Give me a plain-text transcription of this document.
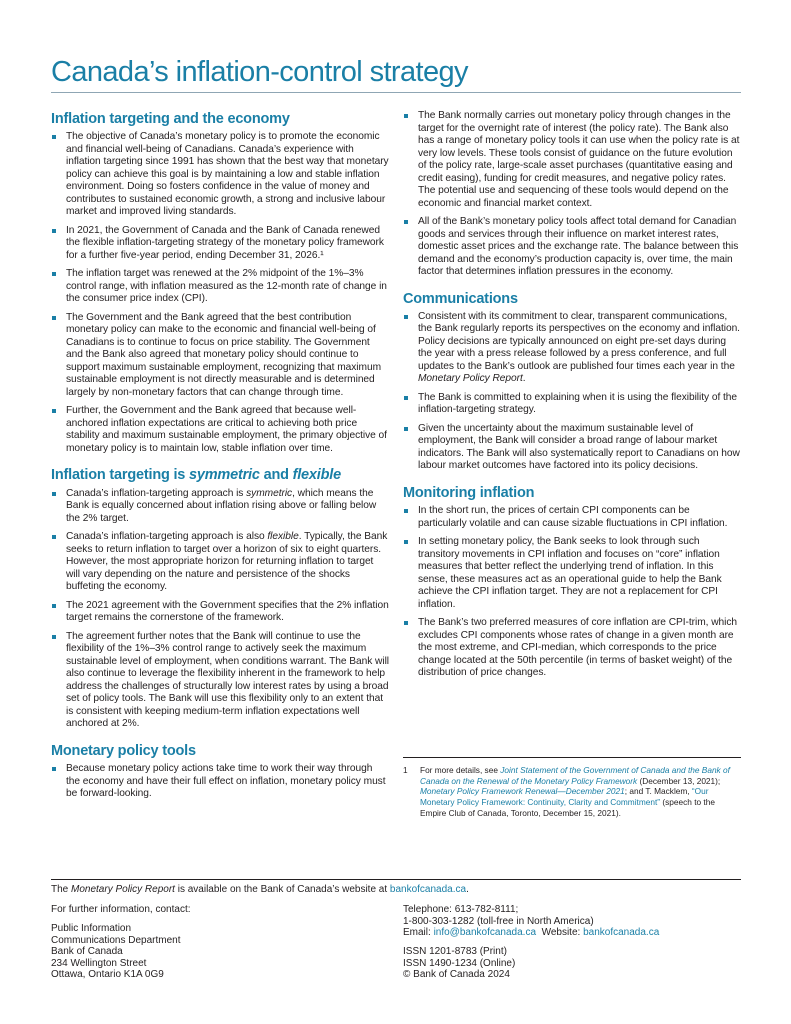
Canada’s inflation-control strategy
Inflation targeting and the economy
The objective of Canada’s monetary policy is to promote the economic and financial well-being of Canadians. Canada’s experience with inflation targeting since 1991 has shown that the best way that monetary policy can achieve this goal is by maintaining a low and stable inflation environment. Doing so fosters confidence in the value of money and contributes to sustained economic growth, a strong and inclusive labour market and improved living standards.
In 2021, the Government of Canada and the Bank of Canada renewed the flexible inflation-targeting strategy of the monetary policy framework for a further five-year period, ending December 31, 2026.¹
The inflation target was renewed at the 2% midpoint of the 1%–3% control range, with inflation measured as the 12-month rate of change in the consumer price index (CPI).
The Government and the Bank agreed that the best contribution monetary policy can make to the economic and financial well-being of Canadians is to continue to focus on price stability. The Government and the Bank also agreed that monetary policy should continue to support maximum sustainable employment, recognizing that maximum sustainable employment is not directly measurable and is determined largely by non-monetary factors that can change through time.
Further, the Government and the Bank agreed that because well-anchored inflation expectations are critical to achieving both price stability and maximum sustainable employment, the primary objective of monetary policy is to maintain low, stable inflation over time.
Inflation targeting is symmetric and flexible
Canada’s inflation-targeting approach is symmetric, which means the Bank is equally concerned about inflation rising above or falling below the 2% target.
Canada’s inflation-targeting approach is also flexible. Typically, the Bank seeks to return inflation to target over a horizon of six to eight quarters. However, the most appropriate horizon for returning inflation to target will vary depending on the nature and persistence of the shocks buffeting the economy.
The 2021 agreement with the Government specifies that the 2% inflation target remains the cornerstone of the framework.
The agreement further notes that the Bank will continue to use the flexibility of the 1%–3% control range to actively seek the maximum sustainable level of employment, when conditions warrant. The Bank will also continue to leverage the flexibility inherent in the framework to help address the challenges of structurally low interest rates by using a broad set of policy tools. The Bank will use this flexibility only to an extent that is consistent with keeping medium-term inflation expectations well anchored at 2%.
Monetary policy tools
Because monetary policy actions take time to work their way through the economy and have their full effect on inflation, monetary policy must be forward-looking.
The Bank normally carries out monetary policy through changes in the target for the overnight rate of interest (the policy rate). The Bank also has a range of monetary policy tools it can use when the policy rate is at very low levels. These tools consist of guidance on the future evolution of the policy rate, large-scale asset purchases (quantitative easing and credit easing), funding for credit measures, and negative policy rates. The potential use and sequencing of these tools would depend on the economic and financial market context.
All of the Bank’s monetary policy tools affect total demand for Canadian goods and services through their influence on market interest rates, domestic asset prices and the exchange rate. The balance between this demand and the economy’s production capacity is, over time, the main factor that determines inflation pressures in the economy.
Communications
Consistent with its commitment to clear, transparent communications, the Bank regularly reports its perspectives on the economy and inflation. Policy decisions are typically announced on eight pre-set days during the year with a press release followed by a press conference, and full updates to the Bank’s outlook are published four times each year in the Monetary Policy Report.
The Bank is committed to explaining when it is using the flexibility of the inflation-targeting strategy.
Given the uncertainty about the maximum sustainable level of employment, the Bank will consider a broad range of labour market indicators. The Bank will also systematically report to Canadians on how labour market outcomes have factored into its policy decisions.
Monitoring inflation
In the short run, the prices of certain CPI components can be particularly volatile and can cause sizable fluctuations in CPI inflation.
In setting monetary policy, the Bank seeks to look through such transitory movements in CPI inflation and focuses on “core” inflation measures that better reflect the underlying trend of inflation. In this sense, these measures act as an operational guide to help the Bank achieve the CPI inflation target. They are not a replacement for CPI inflation.
The Bank’s two preferred measures of core inflation are CPI-trim, which excludes CPI components whose rates of change in a given month are the most extreme, and CPI-median, which corresponds to the price change located at the 50th percentile (in terms of basket weight) of the distribution of price changes.
1 For more details, see Joint Statement of the Government of Canada and the Bank of Canada on the Renewal of the Monetary Policy Framework (December 13, 2021); Monetary Policy Framework Renewal—December 2021; and T. Macklem, “Our Monetary Policy Framework: Continuity, Clarity and Commitment” (speech to the Empire Club of Canada, Toronto, December 15, 2021).
The Monetary Policy Report is available on the Bank of Canada’s website at bankofcanada.ca.
For further information, contact:
Public Information
Communications Department
Bank of Canada
234 Wellington Street
Ottawa, Ontario K1A 0G9
Telephone: 613-782-8111;
1-800-303-1282 (toll-free in North America)
Email: info@bankofcanada.ca  Website: bankofcanada.ca
ISSN 1201-8783 (Print)
ISSN 1490-1234 (Online)
© Bank of Canada 2024
